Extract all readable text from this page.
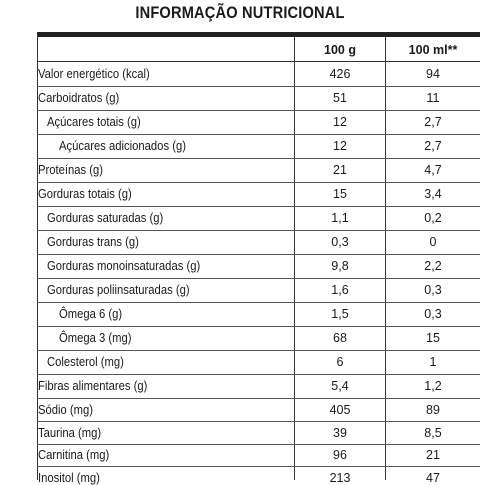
INFORMAÇÃO NUTRICIONAL
100 g	100 ml**
Valor energético (kcal)	426	94
Carboidratos (g)	51	11
Açúcares totais (g)	12	2,7
Açúcares adicionados (g)	12	2,7
Proteínas (g)	21	4,7
Gorduras totais (g)	15	3,4
Gorduras saturadas (g)	1,1	0,2
Gorduras trans (g)	0,3	0
Gorduras monoinsaturadas (g)	9,8	2,2
Gorduras poliinsaturadas (g)	1,6	0,3
Ômega 6 (g)	1,5	0,3
Ômega 3 (mg)	68	15
Colesterol (mg)	6	1
Fibras alimentares (g)	5,4	1,2
Sódio (mg)	405	89
Taurina (mg)	39	8,5
Carnitina (mg)	96	21
Inositol (mg)	213	47
